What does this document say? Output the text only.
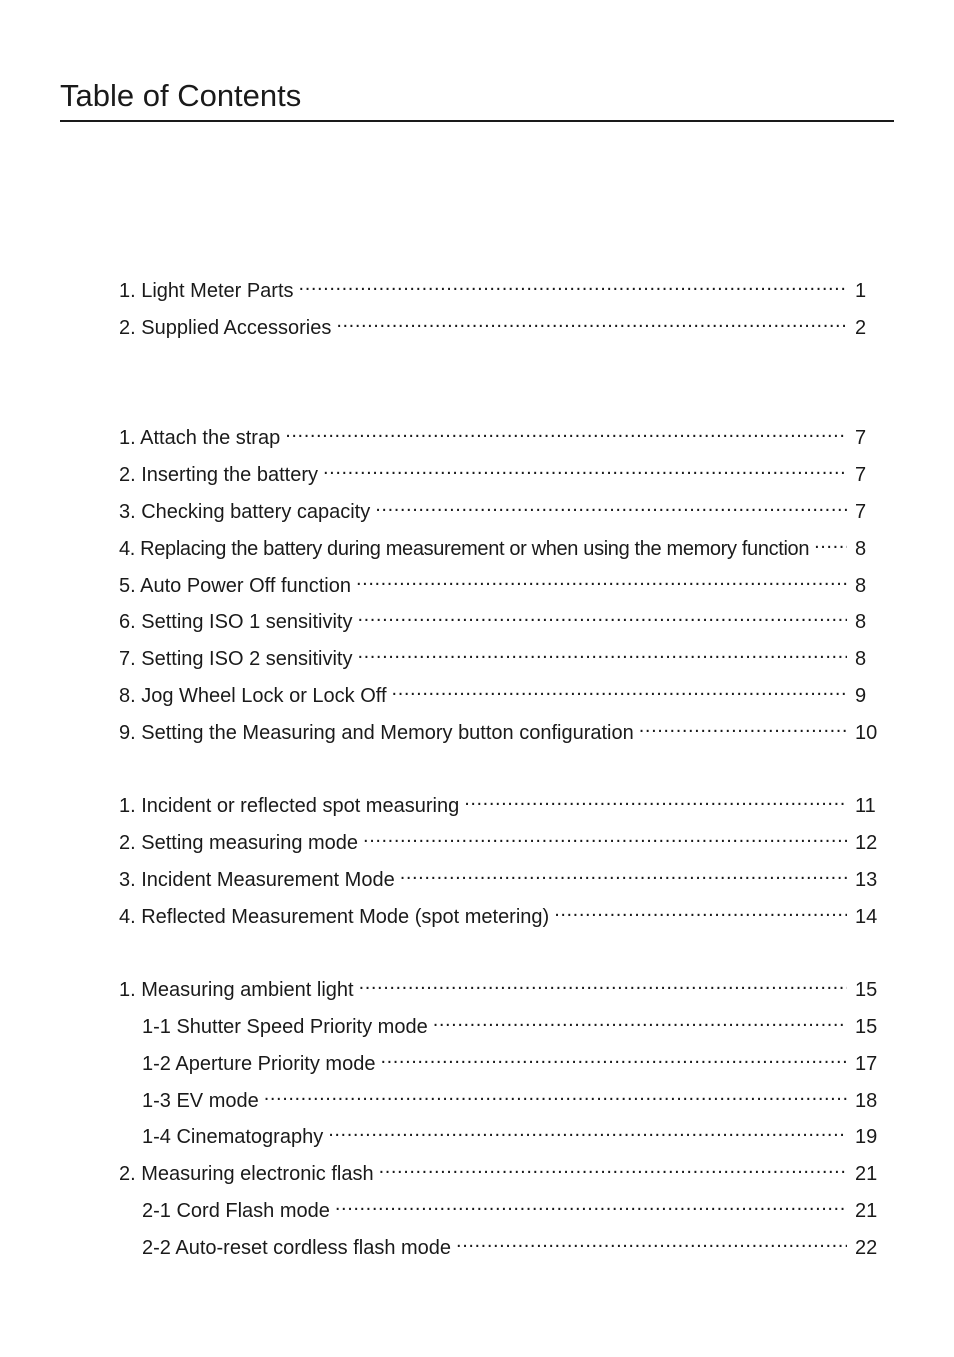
Table of Contents
1. Light Meter Parts .....	1
2. Supplied Accessories .....	2
1. Attach the strap .....	7
2. Inserting the battery .....	7
3. Checking battery capacity .....	7
4. Replacing the battery during measurement or when using the memory function ..... 8
5. Auto Power Off function .....	8
6. Setting ISO 1 sensitivity .....	8
7. Setting ISO 2 sensitivity .....	8
8. Jog Wheel Lock or Lock Off .....	9
9. Setting the Measuring and Memory button configuration .....	10
1. Incident or reflected spot measuring .....	11
2. Setting measuring mode .....	12
3. Incident Measurement Mode .....	13
4. Reflected Measurement Mode (spot metering) .....	14
1. Measuring ambient light .....	15
1-1 Shutter Speed Priority mode .....	15
1-2 Aperture Priority mode .....	17
1-3 EV mode .....	18
1-4 Cinematography .....	19
2. Measuring electronic flash .....	21
2-1 Cord Flash mode .....	21
2-2 Auto-reset cordless flash mode .....	22
